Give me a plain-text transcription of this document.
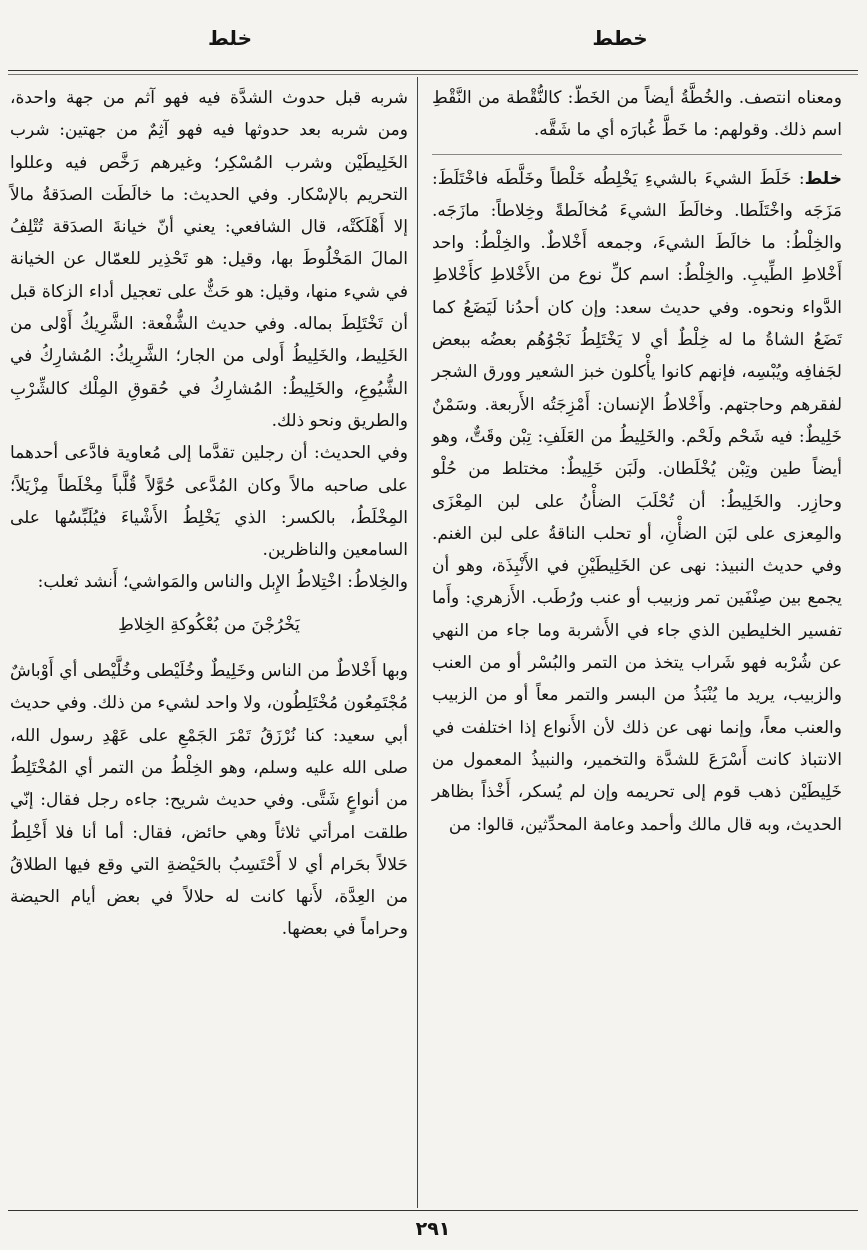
خطط
خلط

ومعناه انتصف. والخُطَّةُ أيضاً من الخَطّ: كالنُّقْطة من النَّقْطِ اسم ذلك. وقولهم: ما خَطَّ غُبارَه أي ما شَقَّه.

خلط: خَلَطَ الشيءَ بالشيءِ يَخْلِطُه خَلْطاً وخَلَّطَه فاخْتَلَطَ: مَزَجَه واخْتَلَطا. وخالَطَ الشيءَ مُخالَطةً وخِلاطاً: مازَجَه. والخِلْطُ: ما خالَطَ الشيءَ، وجمعه أَخْلاطٌ. والخِلْطُ: واحد أَخْلاطِ الطِّيبِ. والخِلْطُ: اسم كلِّ نوع من الأَخْلاطِ كأَخْلاطِ الدَّواء ونحوه. وفي حديث سعد: وإن كان أحدُنا لَيَضَعُ كما تَضَعُ الشاةُ ما له خِلْطٌ أي لا يَخْتَلِطُ نَجْوُهُم بعضُه ببعض لجَفافِه ويُبْسِه، فإنهم كانوا يأْكلون خبز الشعير وورق الشجر لفقرهم وحاجتهم. وأَخْلاطُ الإنسان: أَمْزِجَتُه الأَربعة. وسَمْنٌ خَلِيطٌ: فيه شَحْم ولَحْم. والخَلِيطُ من العَلَفِ: تِبْن وقَتٌّ، وهو أيضاً طين وتِبْن يُخْلَطان. ولَبَن خَلِيطٌ: مختلط من حُلْو وحازِر. والخَلِيطُ: أن تُحْلَبَ الضأْنُ على لبن المِعْزَى والمِعزى على لبَن الضأْنِ، أو تحلب الناقةُ على لبن الغنم. وفي حديث النبيذ: نهى عن الخَلِيطَيْنِ في الأَنْبِذَة، وهو أن يجمع بين صِنْفَين تمر وزبيب أو عنب ورُطَب. الأَزهري: وأَما تفسير الخليطين الذي جاء في الأَشربة وما جاء من النهي عن شُرْبه فهو شَراب يتخذ من التمر والبُسْر أو من العنب والزبيب، يريد ما يُنْبَذُ من البسر والتمر معاً أو من الزبيب والعنب معاً، وإنما نهى عن ذلك لأن الأَنواع إذا اختلفت في الانتباذ كانت أَسْرَعَ للشدَّة والتخمير، والنبيذُ المعمول من خَلِيطَيْن ذهب قوم إلى تحريمه وإن لم يُسكر، أَخْذاً بظاهر الحديث، وبه قال مالك وأحمد وعامة المحدِّثين، قالوا: من

شربه قبل حدوث الشدَّة فيه فهو آثم من جهة واحدة، ومن شربه بعد حدوثها فيه فهو آثِمٌ من جهتين: شرب الخَلِيطَيْن وشرب المُسْكِر؛ وغيرهم رَخَّص فيه وعللوا التحريم بالإسْكار. وفي الحديث: ما خالَطَت الصدَقةُ مالاً إلا أَهْلَكَتْه، قال الشافعي: يعني أنّ خيانةَ الصدَقة تُتْلِفُ المالَ المَخْلُوطَ بها، وقيل: هو تَحْذِير للعمّال عن الخيانة في شيء منها، وقيل: هو حَثٌّ على تعجيل أداء الزكاة قبل أن تَخْتَلِطَ بماله. وفي حديث الشُّفْعة: الشَّرِيكُ أَوْلى من الخَلِيط، والخَلِيطُ أَولى من الجار؛ الشَّرِيكُ: المُشارِكُ في الشُّيُوعِ، والخَلِيطُ: المُشارِكُ في حُقوقِ المِلْك كالشِّرْبِ والطريق ونحو ذلك.

وفي الحديث: أن رجلين تقدَّما إلى مُعاوية فادَّعى أحدهما على صاحبه مالاً وكان المُدَّعى حُوَّلاً قُلَّباً مِخْلَطاً مِزْيَلاً؛ المِخْلَطُ، بالكسر: الذي يَخْلِطُ الأَشْياءَ فيُلَبِّسُها على السامعين والناظرين.

والخِلاطُ: اخْتِلاطُ الإِبل والناس والمَواشي؛ أَنشد ثعلب:

يَخْرُجْنَ من بُعْكُوكةِ الخِلاطِ

وبها أَخْلاطٌ من الناس وخَلِيطٌ وخُلَيْطى وخُلَّيْطى أي أَوْباشٌ مُجْتَمِعُون مُخْتَلِطُون، ولا واحد لشيء من ذلك. وفي حديث أبي سعيد: كنا نُرْزَقُ تَمْرَ الجَمْعِ على عَهْدِ رسول الله، صلى الله عليه وسلم، وهو الخِلْطُ من التمر أي المُخْتَلِطُ من أنواعٍ شَتَّى. وفي حديث شريح: جاءه رجل فقال: إنّي طلقت امرأتي ثلاثاً وهي حائض، فقال: أما أنا فلا أَخْلِطُ حَلالاً بحَرام أي لا أَحْتَسِبُ بالحَيْضةِ التي وقع فيها الطلاقُ من العِدَّة، لأَنها كانت له حلالاً في بعض أيام الحيضة وحراماً في بعضها.

٢٩١
